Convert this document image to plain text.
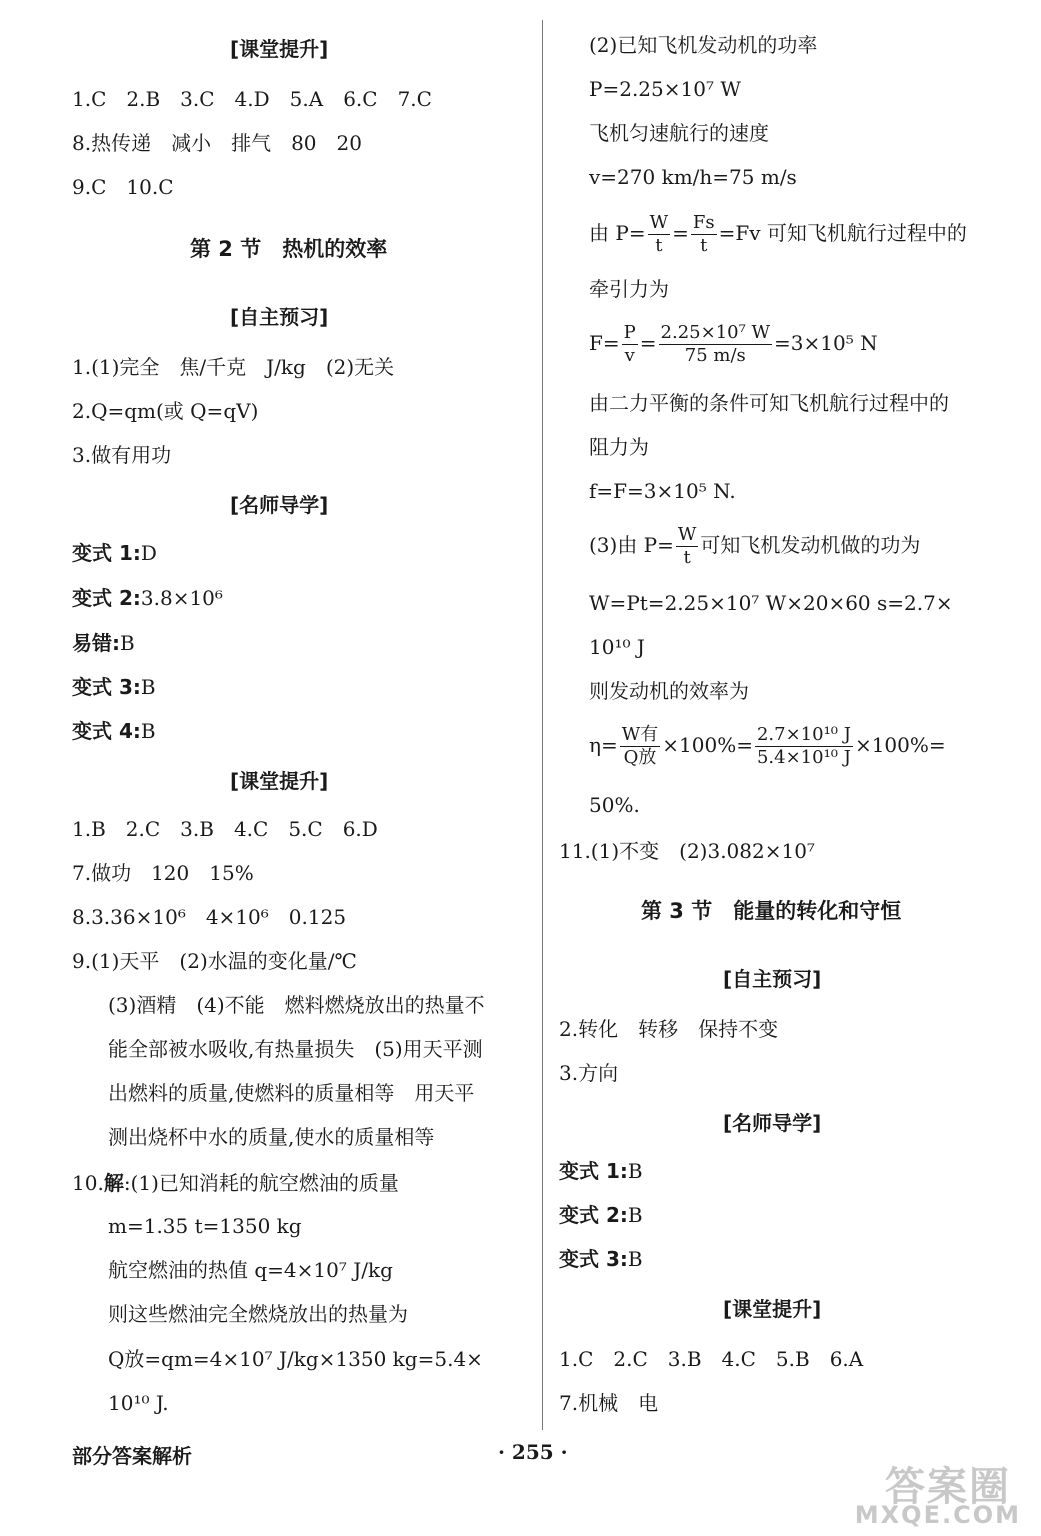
[课堂提升]
1.C　2.B　3.C　4.D　5.A　6.C　7.C
8.热传递　减小　排气　80　20
9.C　10.C
第 2 节　热机的效率
[自主预习]
1.(1)完全　焦/千克　J/kg　(2)无关
2.Q=qm(或 Q=qV)
3.做有用功
[名师导学]
变式 1:D
变式 2:3.8×10⁶
易错:B
变式 3:B
变式 4:B
[课堂提升]
1.B　2.C　3.B　4.C　5.C　6.D
7.做功　120　15%
8.3.36×10⁶　4×10⁶　0.125
9.(1)天平　(2)水温的变化量/℃
(3)酒精　(4)不能　燃料燃烧放出的热量不
能全部被水吸收,有热量损失　(5)用天平测
出燃料的质量,使燃料的质量相等　用天平
测出烧杯中水的质量,使水的质量相等
10.解:(1)已知消耗的航空燃油的质量
m=1.35 t=1350 kg
航空燃油的热值 q=4×10⁷ J/kg
则这些燃油完全燃烧放出的热量为
Q放=qm=4×10⁷ J/kg×1350 kg=5.4×
10¹⁰ J.
(2)已知飞机发动机的功率
P=2.25×10⁷ W
飞机匀速航行的速度
v=270 km/h=75 m/s
由 $P= \frac{W}{t} = \frac{Fs}{t} =Fv$ 可知飞机航行过程中的
牵引力为
$F= \frac{P}{v} = \frac{\text{2.25×10⁷ W}}{75 m/s} =3\times 10^5$ N
由二力平衡的条件可知飞机航行过程中的
阻力为
f=F=3×10⁵ N.
(3)由 $P= \frac{W}{t}$ 可知飞机发动机做的功为
W=Pt=2.25×10⁷ W×20×60 s=2.7×
10¹⁰ J
则发动机的效率为
$\eta= \frac{\text{W有}}{\text{Q放}} \times 100\%= \frac{\text{2.7×10¹⁰ J}}{\text{5.4×10¹⁰ J}} \times 100\%=$
50%.
11.(1)不变　(2)3.082×10⁷
第 3 节　能量的转化和守恒
[自主预习]
2.转化　转移　保持不变
3.方向
[名师导学]
变式 1:B
变式 2:B
变式 3:B
[课堂提升]
1.C　2.C　3.B　4.C　5.B　6.A
7.机械　电
部分答案解析	· 255 ·
答案圈
MXQE.COM
